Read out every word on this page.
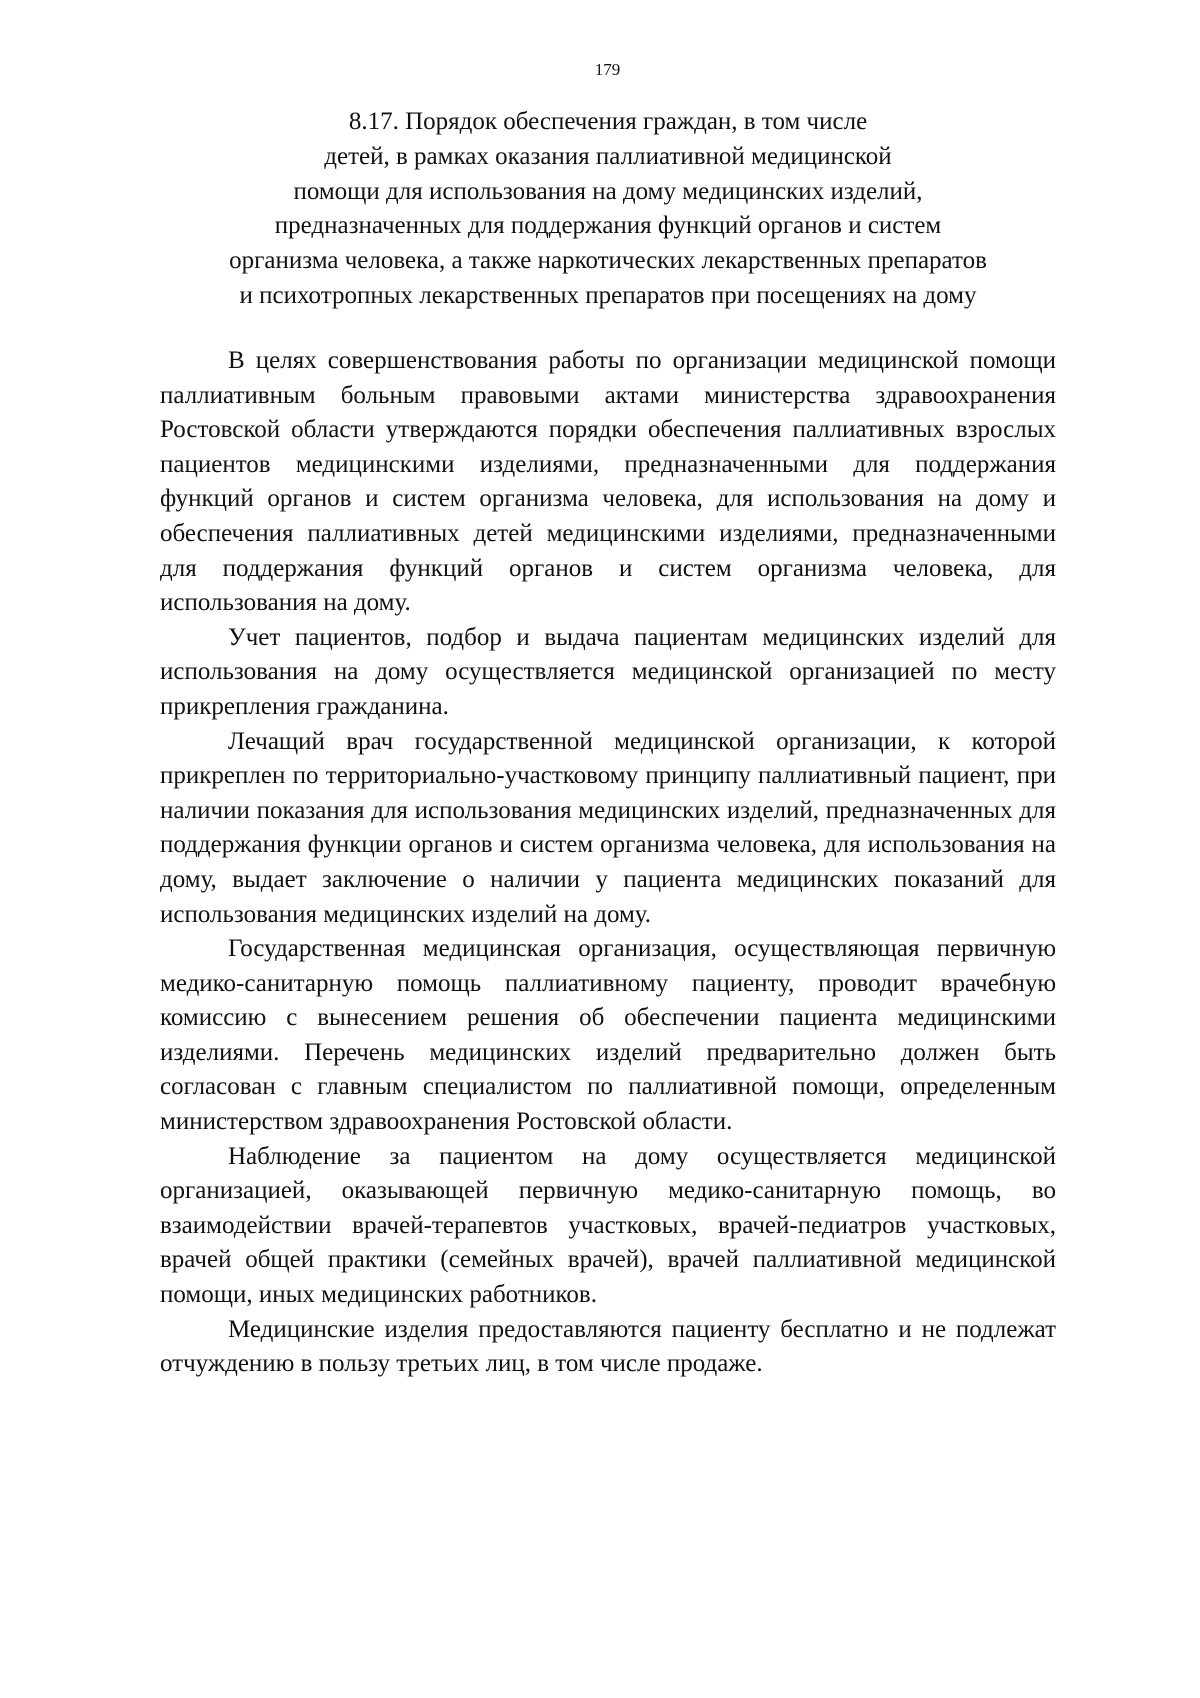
179
8.17. Порядок обеспечения граждан, в том числе
детей, в рамках оказания паллиативной медицинской
помощи для использования на дому медицинских изделий,
предназначенных для поддержания функций органов и систем
организма человека, а также наркотических лекарственных препаратов
и психотропных лекарственных препаратов при посещениях на дому

В целях совершенствования работы по организации медицинской помощи паллиативным больным правовыми актами министерства здравоохранения Ростовской области утверждаются порядки обеспечения паллиативных взрослых пациентов медицинскими изделиями, предназначенными для поддержания функций органов и систем организма человека, для использования на дому и обеспечения паллиативных детей медицинскими изделиями, предназначенными для поддержания функций органов и систем организма человека, для использования на дому.

Учет пациентов, подбор и выдача пациентам медицинских изделий для использования на дому осуществляется медицинской организацией по месту прикрепления гражданина.

Лечащий врач государственной медицинской организации, к которой прикреплен по территориально-участковому принципу паллиативный пациент, при наличии показания для использования медицинских изделий, предназначенных для поддержания функции органов и систем организма человека, для использования на дому, выдает заключение о наличии у пациента медицинских показаний для использования медицинских изделий на дому.

Государственная медицинская организация, осуществляющая первичную медико-санитарную помощь паллиативному пациенту, проводит врачебную комиссию с вынесением решения об обеспечении пациента медицинскими изделиями. Перечень медицинских изделий предварительно должен быть согласован с главным специалистом по паллиативной помощи, определенным министерством здравоохранения Ростовской области.

Наблюдение за пациентом на дому осуществляется медицинской организацией, оказывающей первичную медико-санитарную помощь, во взаимодействии врачей-терапевтов участковых, врачей-педиатров участковых, врачей общей практики (семейных врачей), врачей паллиативной медицинской помощи, иных медицинских работников.

Медицинские изделия предоставляются пациенту бесплатно и не подлежат отчуждению в пользу третьих лиц, в том числе продаже.
